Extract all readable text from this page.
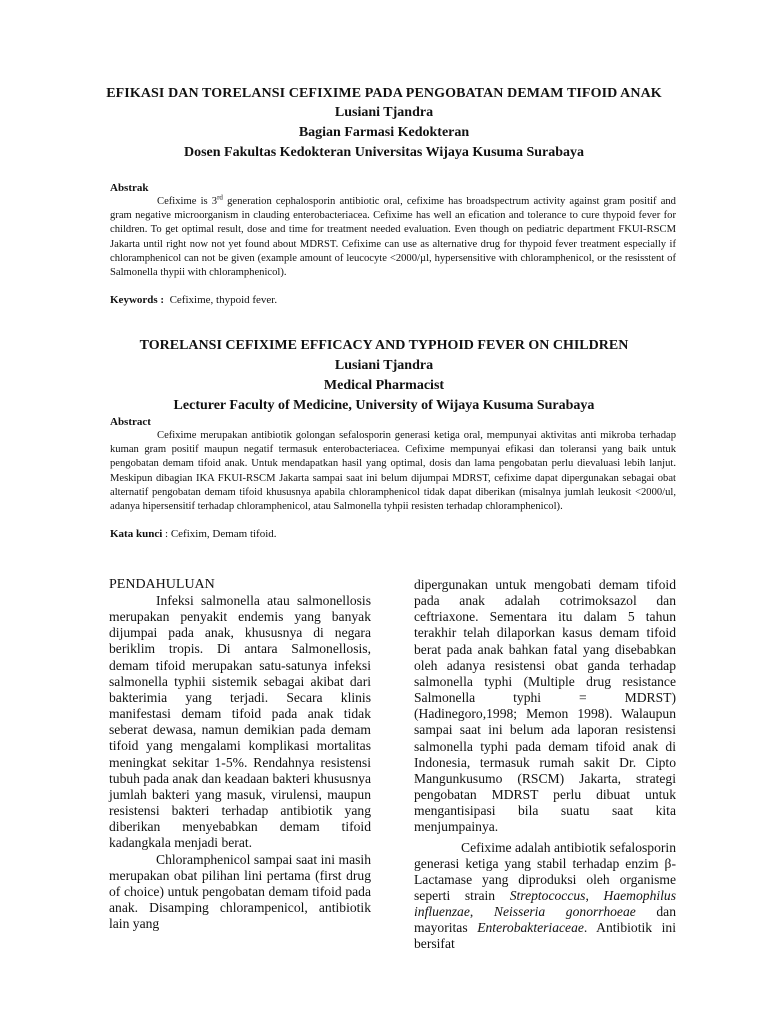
EFIKASI DAN TORELANSI CEFIXIME PADA PENGOBATAN DEMAM TIFOID ANAK

Lusiani Tjandra

Bagian Farmasi Kedokteran

Dosen Fakultas Kedokteran Universitas Wijaya Kusuma Surabaya

Abstrak

Cefixime is 3rd generation cephalosporin antibiotic oral, cefixime has broadspectrum activity against gram positif and gram negative microorganism in clauding enterobacteriacea. Cefixime has well an efication and tolerance to cure thypoid fever for children. To get optimal result, dose and time for treatment needed evaluation. Even though on pediatric department FKUI-RSCM Jakarta until right now not yet found about MDRST. Cefixime can use as alternative drug for thypoid fever treatment especially if chloramphenicol can not be given (example amount of leucocyte <2000/µl, hypersensitive with chloramphenicol, or the resisstent of Salmonella thypii with chloramphenicol).

Keywords : Cefixime, thypoid fever.

TORELANSI CEFIXIME EFFICACY AND TYPHOID FEVER ON CHILDREN

Lusiani Tjandra

Medical Pharmacist

Lecturer Faculty of Medicine, University of Wijaya Kusuma Surabaya

Abstract

Cefixime merupakan antibiotik golongan sefalosporin generasi ketiga oral, mempunyai aktivitas anti mikroba terhadap kuman gram positif maupun negatif termasuk enterobacteriacea. Cefixime mempunyai efikasi dan toleransi yang baik untuk pengobatan demam tifoid anak. Untuk mendapatkan hasil yang optimal, dosis dan lama pengobatan perlu dievaluasi lebih lanjut. Meskipun dibagian IKA FKUI-RSCM Jakarta sampai saat ini belum dijumpai MDRST, cefixime dapat dipergunakan sebagai obat alternatif pengobatan demam tifoid khususnya apabila chloramphenicol tidak dapat diberikan (misalnya jumlah leukosit <2000/ul, adanya hipersensitif terhadap chloramphenicol, atau Salmonella tyhpii resisten terhadap chloramphenicol).

Kata kunci : Cefixim, Demam tifoid.

PENDAHULUAN

Infeksi salmonella atau salmonellosis merupakan penyakit endemis yang banyak dijumpai pada anak, khususnya di negara beriklim tropis. Di antara Salmonellosis, demam tifoid merupakan satu-satunya infeksi salmonella typhii sistemik sebagai akibat dari bakterimia yang terjadi. Secara klinis manifestasi demam tifoid pada anak tidak seberat dewasa, namun demikian pada demam tifoid yang mengalami komplikasi mortalitas meningkat sekitar 1-5%. Rendahnya resistensi tubuh pada anak dan keadaan bakteri khususnya jumlah bakteri yang masuk, virulensi, maupun resistensi bakteri terhadap antibiotik yang diberikan menyebabkan demam tifoid kadangkala menjadi berat.

Chloramphenicol sampai saat ini masih merupakan obat pilihan lini pertama (first drug of choice) untuk pengobatan demam tifoid pada anak. Disamping chlorampenicol, antibiotik lain yang

dipergunakan untuk mengobati demam tifoid pada anak adalah cotrimoksazol dan ceftriaxone. Sementara itu dalam 5 tahun terakhir telah dilaporkan kasus demam tifoid berat pada anak bahkan fatal yang disebabkan oleh adanya resistensi obat ganda terhadap salmonella typhi (Multiple drug resistance Salmonella typhi = MDRST) (Hadinegoro,1998; Memon 1998). Walaupun sampai saat ini belum ada laporan resistensi salmonella typhi pada demam tifoid anak di Indonesia, termasuk rumah sakit Dr. Cipto Mangunkusumo (RSCM) Jakarta, strategi pengobatan MDRST perlu dibuat untuk mengantisipasi bila suatu saat kita menjumpainya.

Cefixime adalah antibiotik sefalosporin generasi ketiga yang stabil terhadap enzim β-Lactamase yang diproduksi oleh organisme seperti strain Streptococcus, Haemophilus influenzae, Neisseria gonorrhoeae dan mayoritas Enterobakteriaceae. Antibiotik ini bersifat
